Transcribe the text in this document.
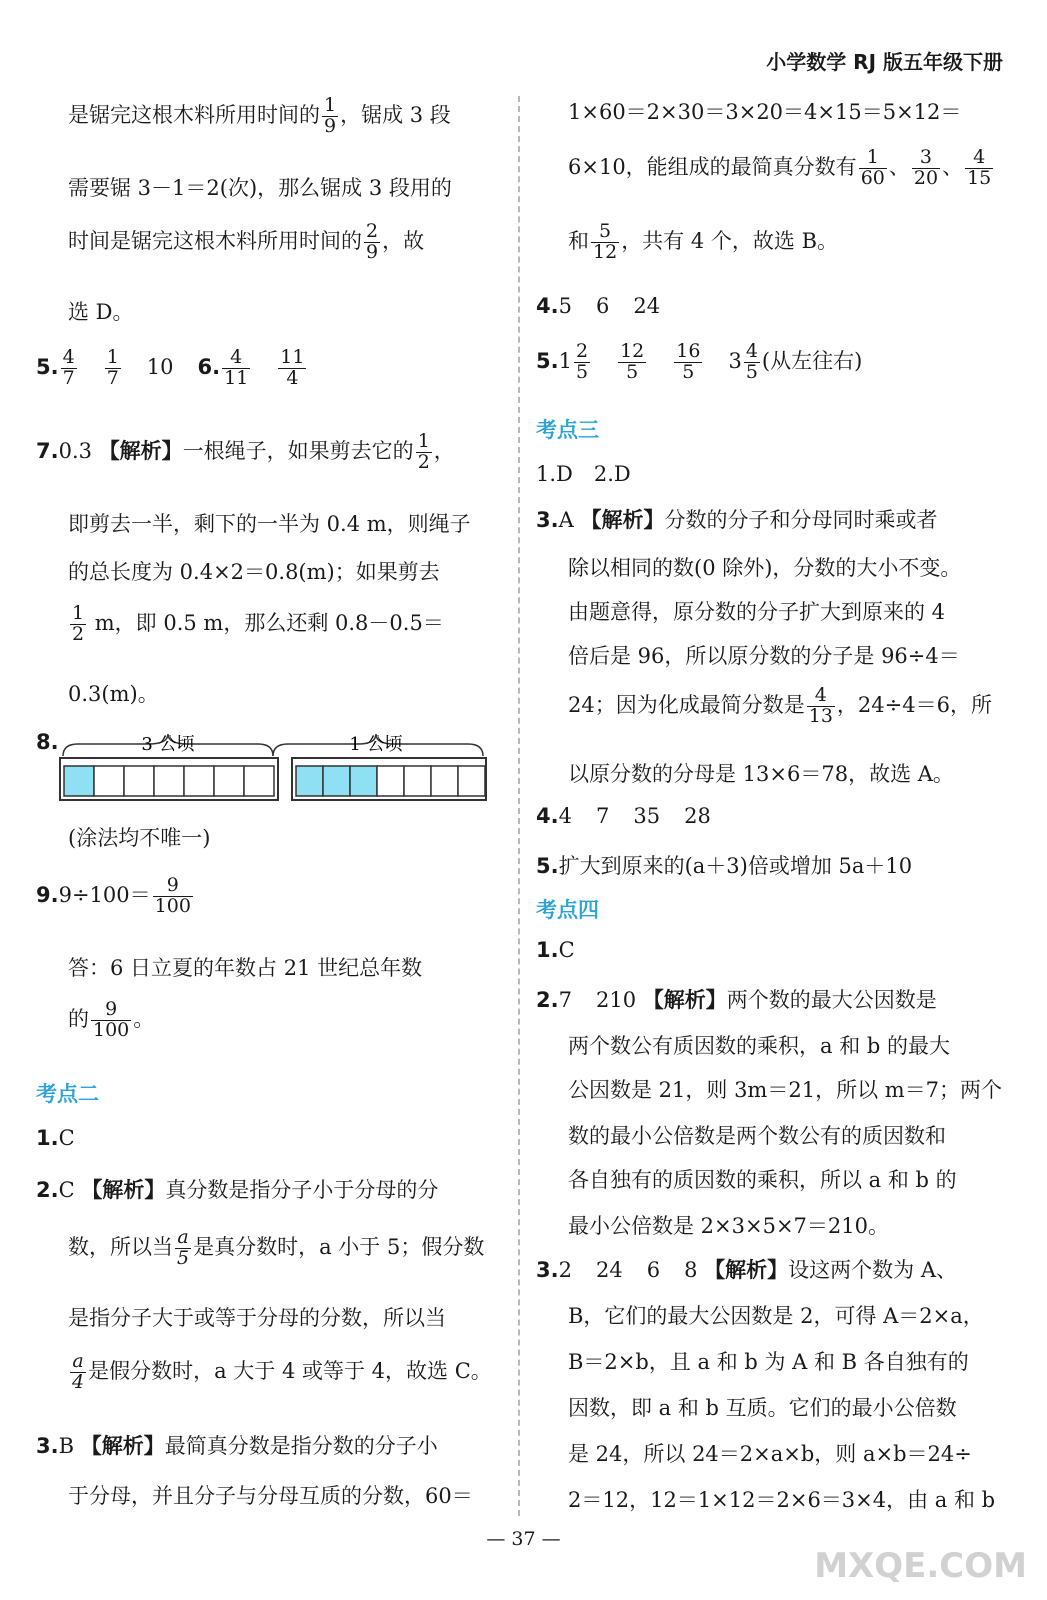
小学数学 RJ 版五年级下册
是锯完这根木料所用时间的 $\frac{1}{9}$ ，锯成 3 段
需要锯 3－1＝2(次)，那么锯成 3 段用的
时间是锯完这根木料所用时间的 $\frac{2}{9}$ ，故
选 D。
5. $\frac{4}{7} \frac{1}{7} 10$ 6. $\frac{4}{11} \frac{11}{4}$
7.0.3 【解析】一根绳子，如果剪去它的 $\frac{1}{2}$ ，
即剪去一半，剩下的一半为 0.4 m，则绳子
的总长度为 0.4×2＝0.8(m)；如果剪去
$\frac{1}{2}$ m，即 0.5 m，那么还剩 0.8－0.5＝
0.3(m)。
8.	3 公顷	1 公顷
(涂法均不唯一)
$9.9\div 100= \frac{9}{100}$
答：6 日立夏的年数占 21 世纪总年数
的 $\frac{9}{100}$ 。
考点二
1.C
2.C 【解析】真分数是指分子小于分母的分
数，所以当 $\frac{a}{5}$ 是真分数时，a 小于 5；假分数
是指分子大于或等于分母的分数，所以当
$\frac{a}{4}$ 是假分数时，a 大于 4 或等于 4，故选 C。
3.B 【解析】最简真分数是指分数的分子小
于分母，并且分子与分母互质的分数，60＝
1×60＝2×30＝3×20＝4×15＝5×12＝
6×10，能组成的最简真分数有 $\frac{1}{60}$ 、 $\frac{3}{20}$ 、 $\frac{4}{15}$
和 $\frac{5}{12}$ ，共有 4 个，故选 B。
4.5 6 24
$5.1 \frac{2}{5} \frac{12}{5} \frac{16}{5} 3 \frac{4}{5}$ (从左往右)
考点三
1.D　2.D
3.A 【解析】分数的分子和分母同时乘或者
除以相同的数(0 除外)，分数的大小不变。
由题意得，原分数的分子扩大到原来的 4
倍后是 96，所以原分数的分子是 96÷4＝
24；因为化成最简分数是 $\frac{4}{13}$ ，24÷4＝6，所
以原分数的分母是 13×6＝78，故选 A。
4.4 7 35 28
5.扩大到原来的(a＋3)倍或增加 5a＋10
考点四
1.C
2.7 210 【解析】两个数的最大公因数是
两个数公有质因数的乘积，a 和 b 的最大
公因数是 21，则 3m＝21，所以 m＝7；两个
数的最小公倍数是两个数公有的质因数和
各自独有的质因数的乘积，所以 a 和 b 的
最小公倍数是 2×3×5×7＝210。
3.2 24 6 8 【解析】设这两个数为 A、
B，它们的最大公因数是 2，可得 A＝2×a，
B＝2×b，且 a 和 b 为 A 和 B 各自独有的
因数，即 a 和 b 互质。它们的最小公倍数
是 24，所以 24＝2×a×b，则 a×b＝24÷
2＝12，12＝1×12＝2×6＝3×4，由 a 和 b
— 37 —
MXQE.COM
